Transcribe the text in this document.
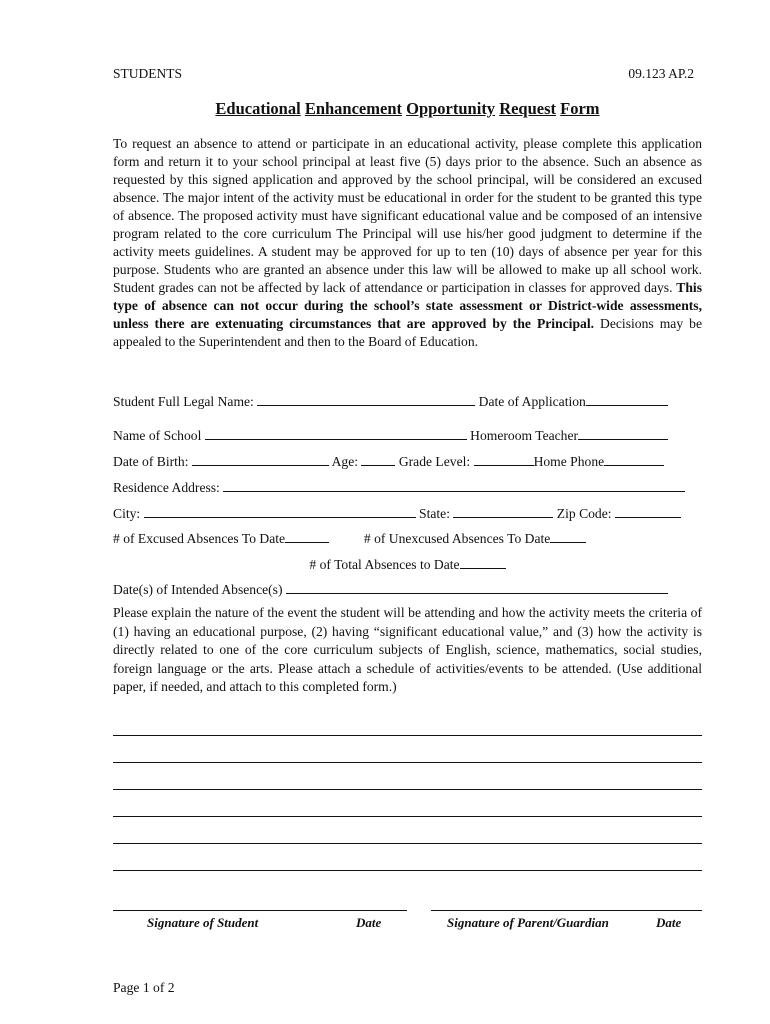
STUDENTS	09.123 AP.2
Educational Enhancement Opportunity Request Form
To request an absence to attend or participate in an educational activity, please complete this application form and return it to your school principal at least five (5) days prior to the absence. Such an absence as requested by this signed application and approved by the school principal, will be considered an excused absence. The major intent of the activity must be educational in order for the student to be granted this type of absence. The proposed activity must have significant educational value and be composed of an intensive program related to the core curriculum The Principal will use his/her good judgment to determine if the activity meets guidelines. A student may be approved for up to ten (10) days of absence per year for this purpose. Students who are granted an absence under this law will be allowed to make up all school work. Student grades can not be affected by lack of attendance or participation in classes for approved days. This type of absence can not occur during the school’s state assessment or District-wide assessments, unless there are extenuating circumstances that are approved by the Principal. Decisions may be appealed to the Superintendent and then to the Board of Education.
Student Full Legal Name:	Date of Application
Name of School	Homeroom Teacher
Date of Birth:	Age:	Grade Level:	Home Phone
Residence Address:
City:	State:	Zip Code:
# of Excused Absences To Date	# of Unexcused Absences To Date
# of Total Absences to Date
Date(s) of Intended Absence(s)
Please explain the nature of the event the student will be attending and how the activity meets the criteria of (1) having an educational purpose, (2) having “significant educational value,” and (3) how the activity is directly related to one of the core curriculum subjects of English, science, mathematics, social studies, foreign language or the arts. Please attach a schedule of activities/events to be attended. (Use additional paper, if needed, and attach to this completed form.)
Signature of Student	Date	Signature of Parent/Guardian	Date
Page 1 of 2
